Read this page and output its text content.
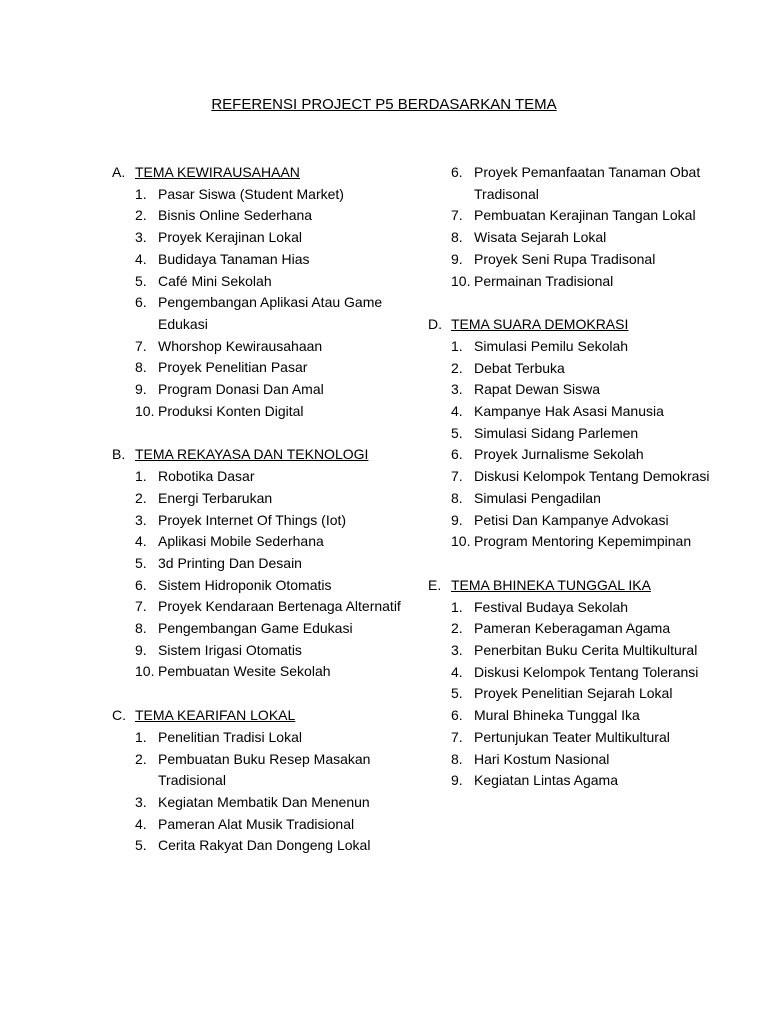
REFERENSI PROJECT P5 BERDASARKAN TEMA
A. TEMA KEWIRAUSAHAAN
1. Pasar Siswa (Student Market)
2. Bisnis Online Sederhana
3. Proyek Kerajinan Lokal
4. Budidaya Tanaman Hias
5. Café Mini Sekolah
6. Pengembangan Aplikasi Atau Game Edukasi
7. Whorshop Kewirausahaan
8. Proyek Penelitian Pasar
9. Program Donasi Dan Amal
10. Produksi Konten Digital
B. TEMA REKAYASA DAN TEKNOLOGI
1. Robotika Dasar
2. Energi Terbarukan
3. Proyek Internet Of Things (Iot)
4. Aplikasi Mobile Sederhana
5. 3d Printing Dan Desain
6. Sistem Hidroponik Otomatis
7. Proyek Kendaraan Bertenaga Alternatif
8. Pengembangan Game Edukasi
9. Sistem Irigasi Otomatis
10. Pembuatan Wesite Sekolah
C. TEMA KEARIFAN LOKAL
1. Penelitian Tradisi Lokal
2. Pembuatan Buku Resep Masakan Tradisional
3. Kegiatan Membatik Dan Menenun
4. Pameran Alat Musik Tradisional
5. Cerita Rakyat Dan Dongeng Lokal
6. Proyek Pemanfaatan Tanaman Obat Tradisonal
7. Pembuatan Kerajinan Tangan Lokal
8. Wisata Sejarah Lokal
9. Proyek Seni Rupa Tradisonal
10. Permainan Tradisional
D. TEMA SUARA DEMOKRASI
1. Simulasi Pemilu Sekolah
2. Debat Terbuka
3. Rapat Dewan Siswa
4. Kampanye Hak Asasi Manusia
5. Simulasi Sidang Parlemen
6. Proyek Jurnalisme Sekolah
7. Diskusi Kelompok Tentang Demokrasi
8. Simulasi Pengadilan
9. Petisi Dan Kampanye Advokasi
10. Program Mentoring Kepemimpinan
E. TEMA BHINEKA TUNGGAL IKA
1. Festival Budaya Sekolah
2. Pameran Keberagaman Agama
3. Penerbitan Buku Cerita Multikultural
4. Diskusi Kelompok Tentang Toleransi
5. Proyek Penelitian Sejarah Lokal
6. Mural Bhineka Tunggal Ika
7. Pertunjukan Teater Multikultural
8. Hari Kostum Nasional
9. Kegiatan Lintas Agama
